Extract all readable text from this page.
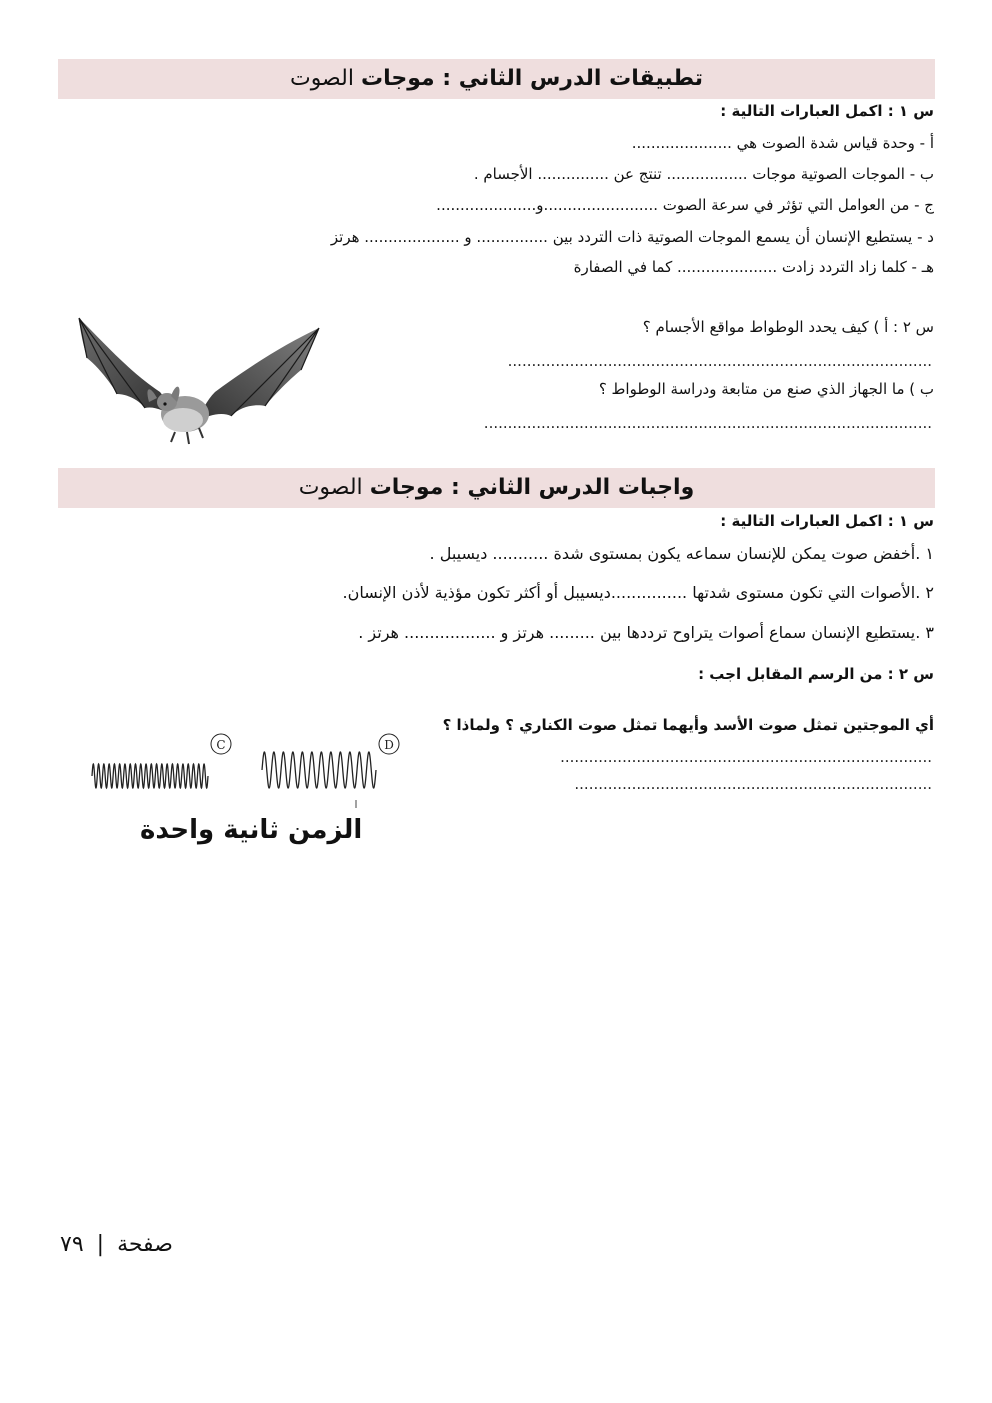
تطبيقات الدرس الثاني : موجات الصوت
س ١ : اكمل العبارات التالية :
أ - وحدة قياس شدة الصوت هي .....................
ب - الموجات الصوتية موجات ................. تنتج عن ............... الأجسام .
ج - من العوامل التي تؤثر في سرعة الصوت ........................و.....................
د - يستطيع الإنسان أن يسمع الموجات الصوتية ذات التردد بين ............... و .................... هرتز
هـ - كلما زاد التردد زادت ..................... كما في الصفارة
س ٢ : أ ) كيف يحدد الوطواط مواقع الأجسام ؟
.........................................................................................
ب ) ما الجهاز الذي صنع من متابعة ودراسة الوطواط ؟
..............................................................................................
واجبات الدرس الثاني : موجات الصوت
س ١ : اكمل العبارات التالية :
١ .أخفض صوت يمكن للإنسان سماعه يكون بمستوى شدة ........... ديسيبل .
٢ .الأصوات التي تكون مستوى شدتها ...............ديسيبل أو أكثر تكون مؤذية لأذن الإنسان.
٣ .يستطيع الإنسان سماع أصوات يتراوح ترددها بين ......... هرتز و .................. هرتز .
س ٢ : من الرسم المقابل اجب :
أي الموجتين تمثل صوت الأسد وأيهما تمثل صوت الكناري ؟ ولماذا ؟
..............................................................................
...........................................................................
C	D
الزمن ثانية واحدة
صفحة | ٧٩
